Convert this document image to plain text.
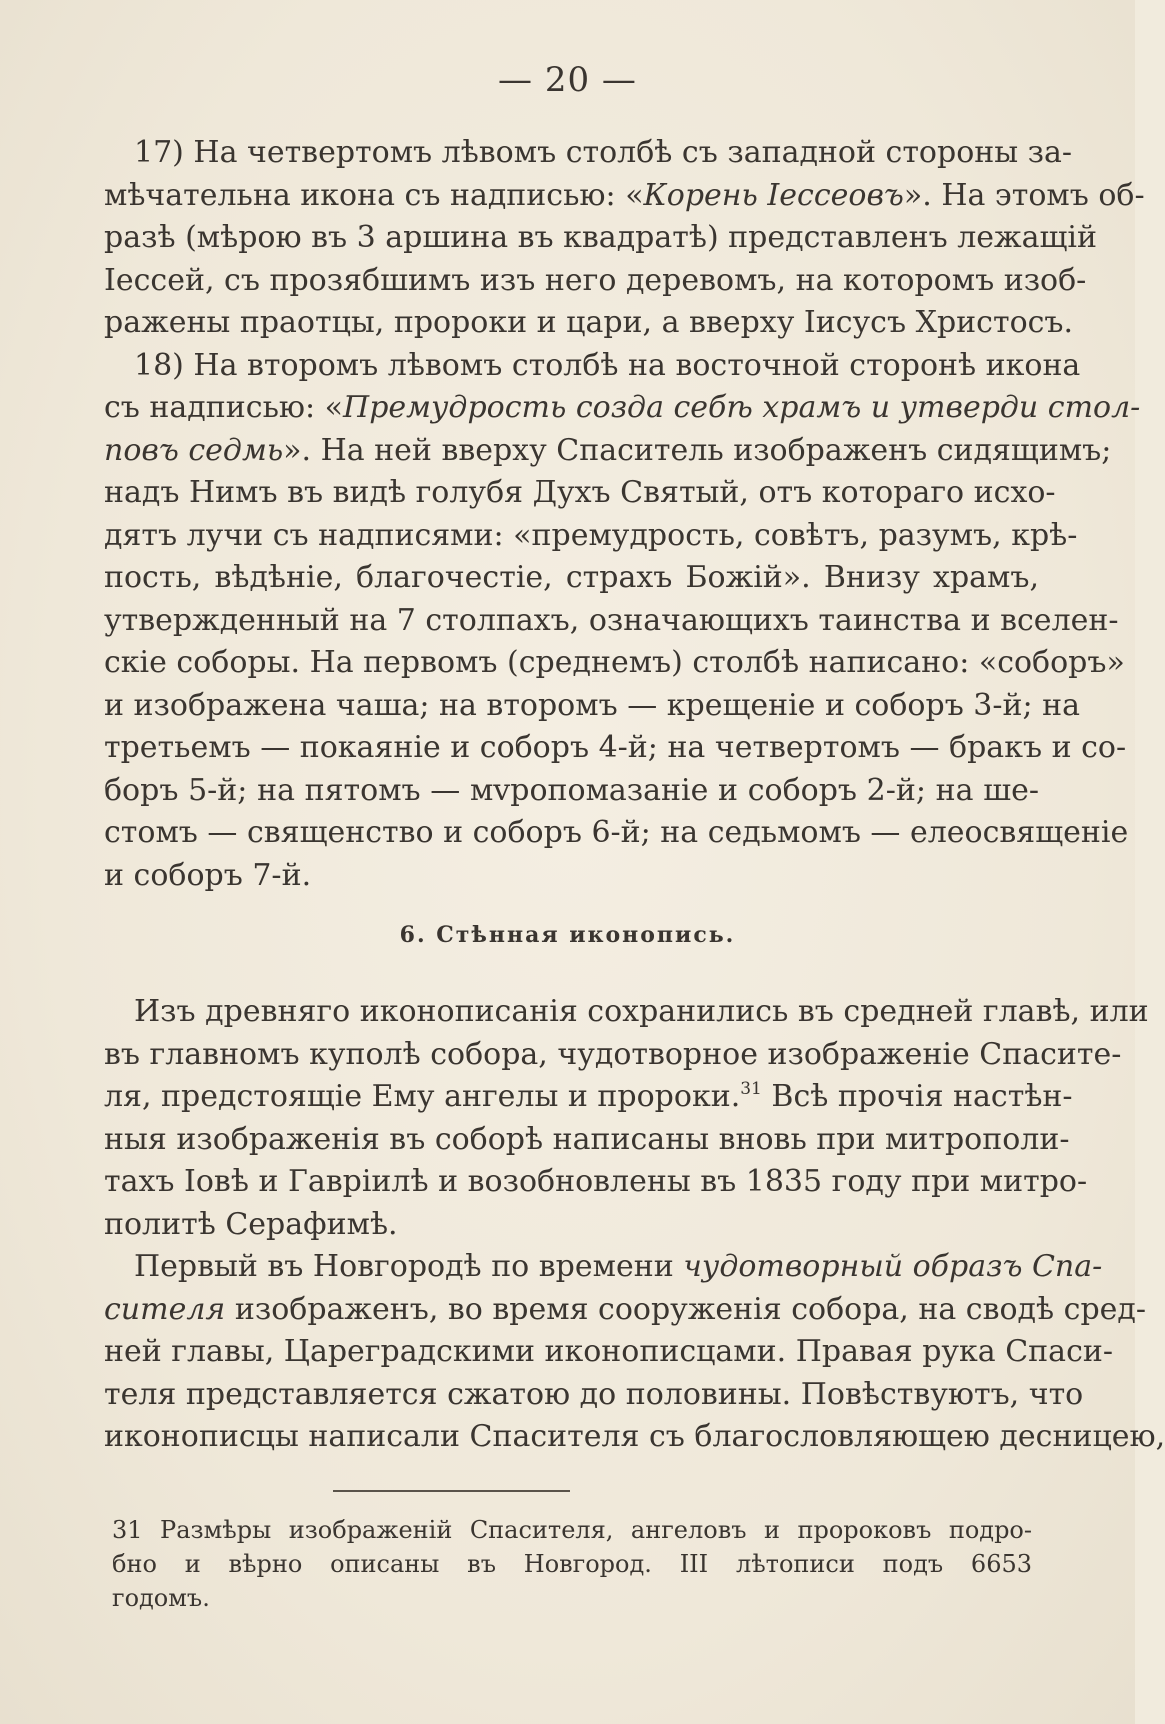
— 20 —
17) На четвертомъ лѣвомъ столбѣ съ западной стороны за-
мѣчательна икона съ надписью: «Корень Iессеовъ». На этомъ об-
разѣ (мѣрою въ 3 аршина въ квадратѣ) представленъ лежащiй
Iессей, съ прозябшимъ изъ него деревомъ, на которомъ изоб-
ражены праотцы, пророки и цари, а вверху Iисусъ Христосъ.
18) На второмъ лѣвомъ столбѣ на восточной сторонѣ икона
съ надписью: «Премудрость созда себѣ храмъ и утверди стол-
повъ седмь». На ней вверху Спаситель изображенъ сидящимъ;
надъ Нимъ въ видѣ голубя Духъ Святый, отъ котораго исхо-
дятъ лучи съ надписями: «премудрость, совѣтъ, разумъ, крѣ-
пость, вѣдѣнiе, благочестiе, страхъ Божiй». Внизу храмъ,
утвержденный на 7 столпахъ, означающихъ таинства и вселен-
скiе соборы. На первомъ (среднемъ) столбѣ написано: «соборъ»
и изображена чаша; на второмъ — крещенiе и соборъ 3-й; на
третьемъ — покаянiе и соборъ 4-й; на четвертомъ — бракъ и со-
боръ 5-й; на пятомъ — мvропомазанiе и соборъ 2-й; на ше-
стомъ — священство и соборъ 6-й; на седьмомъ — елеосвященiе
и соборъ 7-й.
6. Стѣнная иконопись.
Изъ древняго иконописанiя сохранились въ средней главѣ, или
въ главномъ куполѣ собора, чудотворное изображенiе Спасите-
ля, предстоящiе Ему ангелы и пророки.$^{31}$ Всѣ прочiя настѣн-
ныя изображенiя въ соборѣ написаны вновь при митрополи-
тахъ Iовѣ и Гаврiилѣ и возобновлены въ 1835 году при митро-
политѣ Серафимѣ.
Первый въ Новгородѣ по времени чудотворный образъ Спа-
сителя изображенъ, во время сооруженiя собора, на сводѣ сред-
ней главы, Цареградскими иконописцами. Правая рука Спаси-
теля представляется сжатою до половины. Повѣствуютъ, что
иконописцы написали Спасителя съ благословляющею десницею,
31 Размѣры изображенiй Спасителя, ангеловъ и пророковъ подро-
бно и вѣрно описаны въ Новгород. III лѣтописи подъ 6653
годомъ.
